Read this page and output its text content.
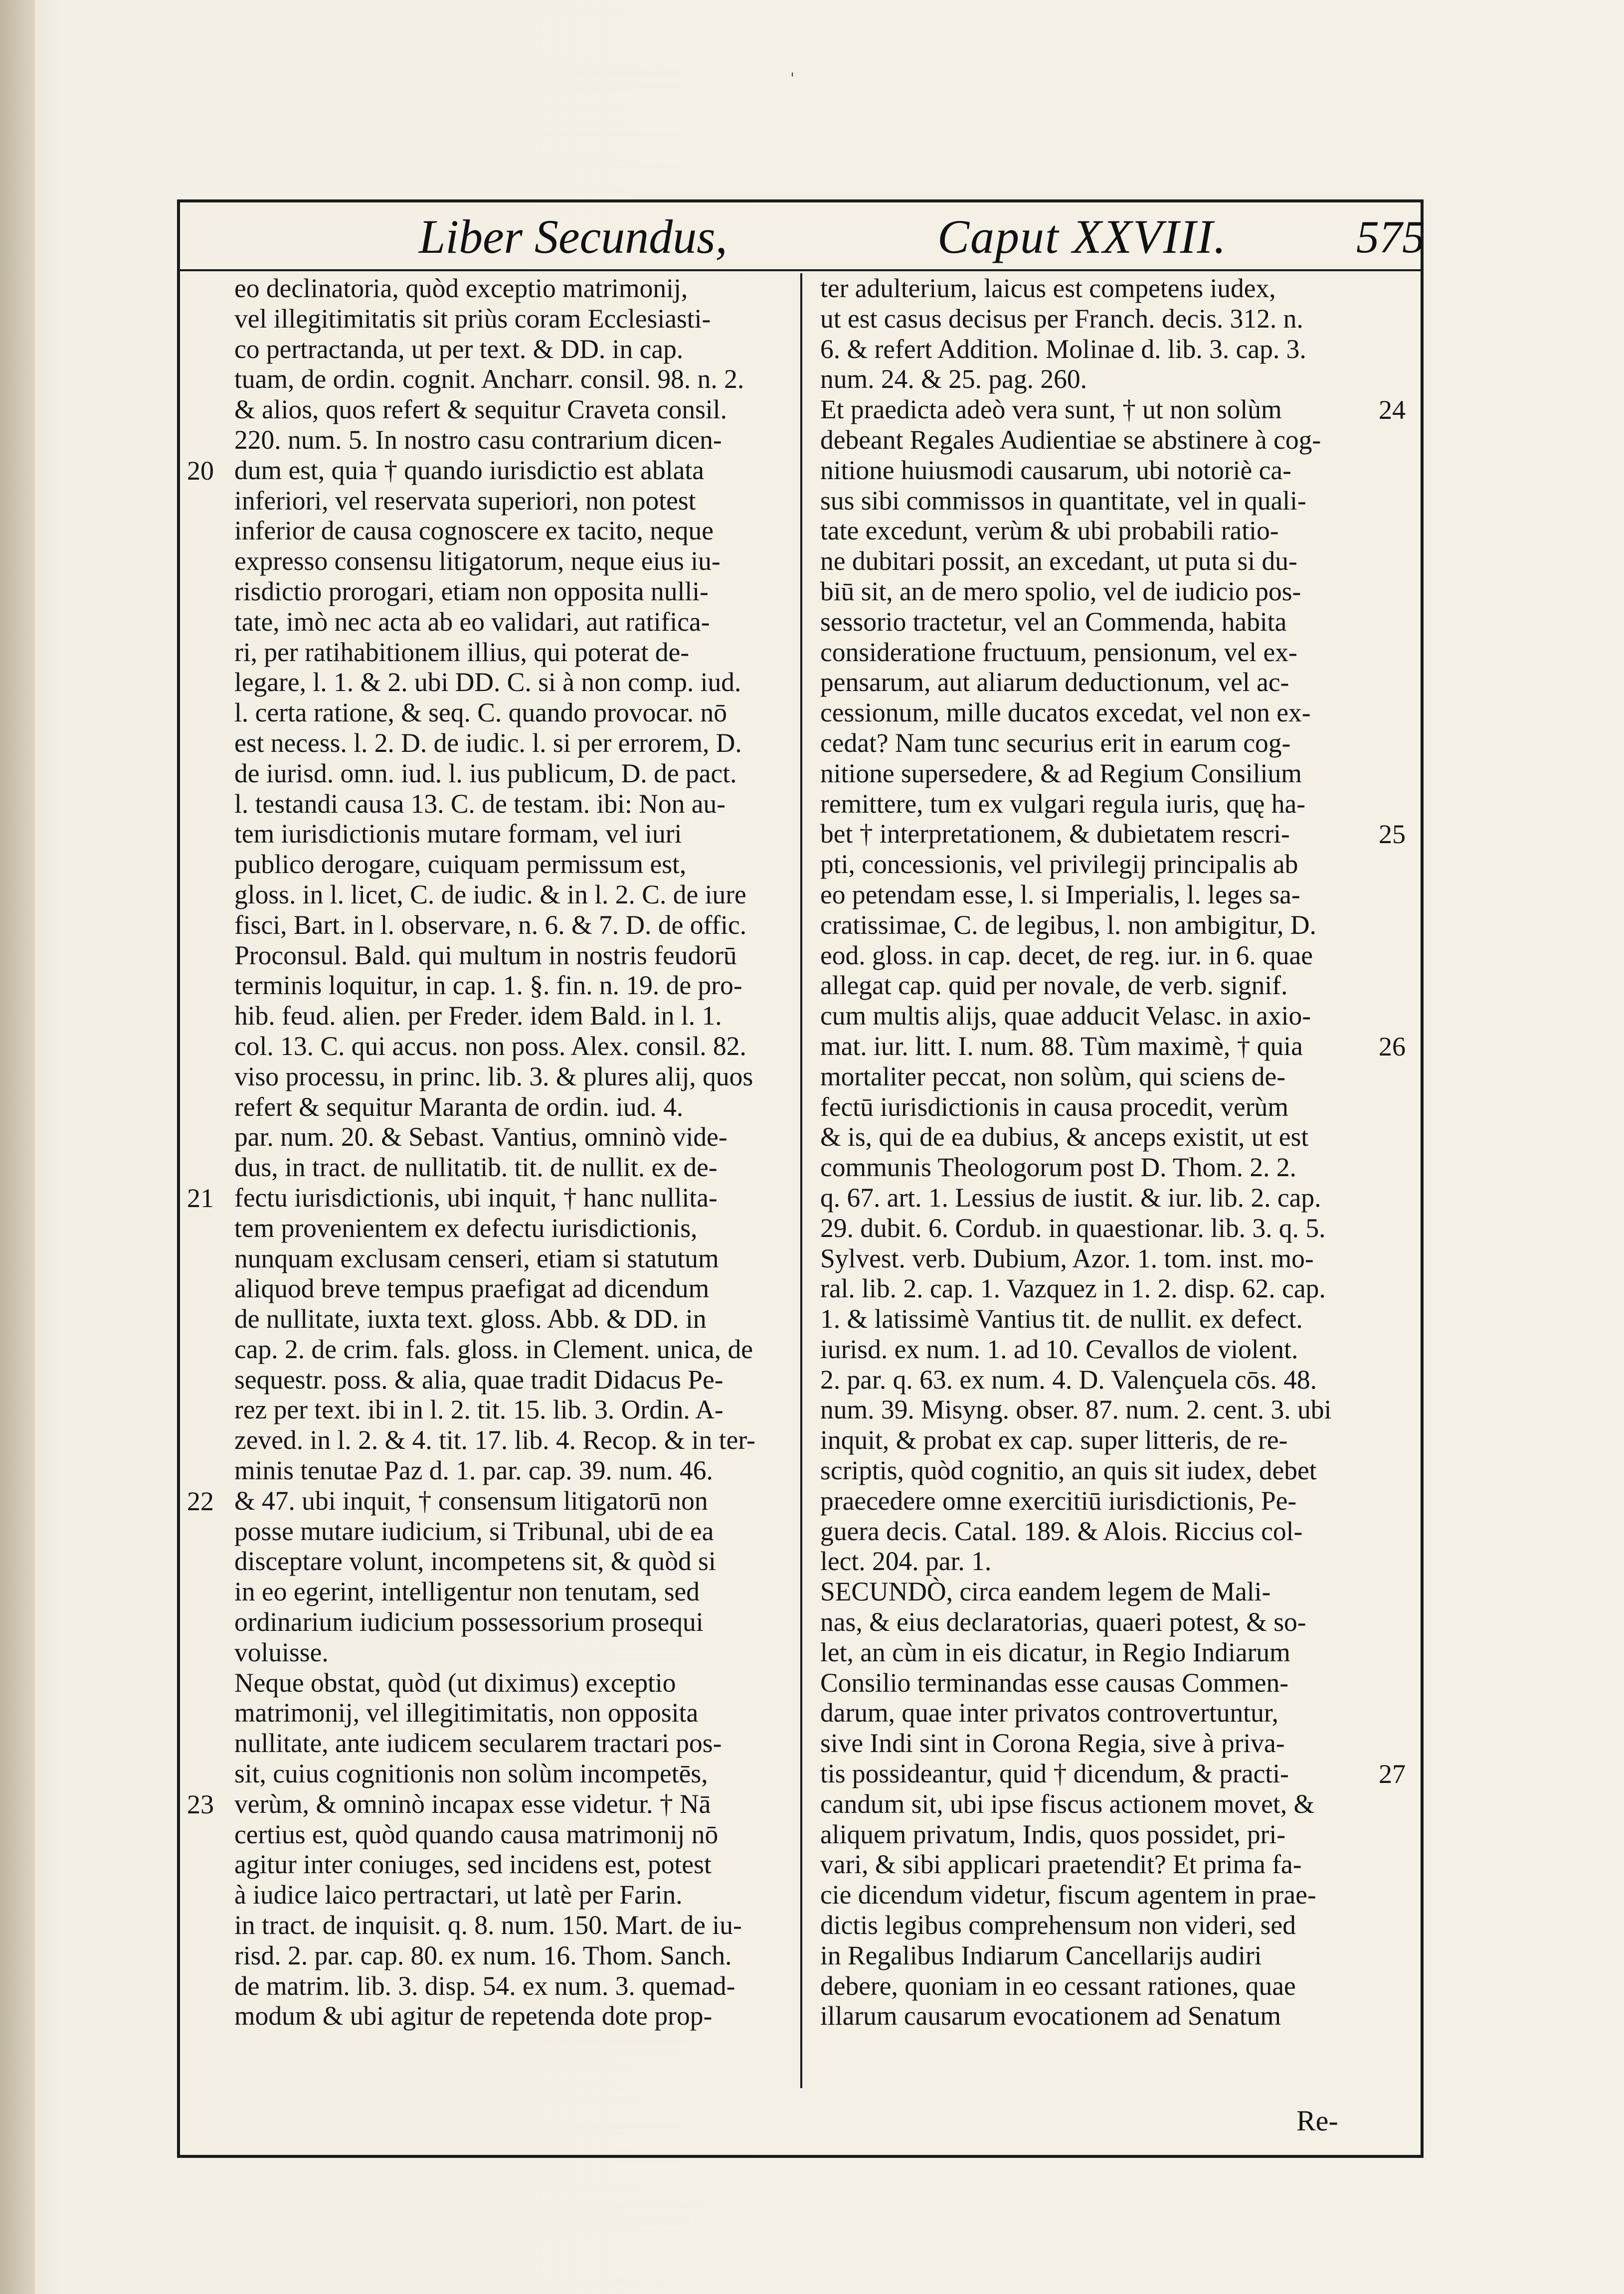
'
Liber Secundus,	Caput XXVIII.	575

eo declinatoria, quòd exceptio matrimonij,

vel illegitimitatis sit priùs coram Ecclesiasti-

co pertractanda, ut per text. & DD. in cap.

tuam, de ordin. cognit. Ancharr. consil. 98. n. 2.

& alios, quos refert & sequitur Craveta consil.

220. num. 5. In nostro casu contrarium dicen-

dum est, quia † quando iurisdictio est ablata

inferiori, vel reservata superiori, non potest

inferior de causa cognoscere ex tacito, neque

expresso consensu litigatorum, neque eius iu-

risdictio prorogari, etiam non opposita nulli-

tate, imò nec acta ab eo validari, aut ratifica-

ri, per ratihabitionem illius, qui poterat de-

legare, l. 1. & 2. ubi DD. C. si à non comp. iud.

l. certa ratione, & seq. C. quando provocar. nō

est necess. l. 2. D. de iudic. l. si per errorem, D.

de iurisd. omn. iud. l. ius publicum, D. de pact.

l. testandi causa 13. C. de testam. ibi: Non au-

tem iurisdictionis mutare formam, vel iuri

publico derogare, cuiquam permissum est,

gloss. in l. licet, C. de iudic. & in l. 2. C. de iure

fisci, Bart. in l. observare, n. 6. & 7. D. de offic.

Proconsul. Bald. qui multum in nostris feudorū

terminis loquitur, in cap. 1. §. fin. n. 19. de pro-

hib. feud. alien. per Freder. idem Bald. in l. 1.

col. 13. C. qui accus. non poss. Alex. consil. 82.

viso processu, in princ. lib. 3. & plures alij, quos

refert & sequitur Maranta de ordin. iud. 4.

par. num. 20. & Sebast. Vantius, omninò vide-

dus, in tract. de nullitatib. tit. de nullit. ex de-

fectu iurisdictionis, ubi inquit, † hanc nullita-

tem provenientem ex defectu iurisdictionis,

nunquam exclusam censeri, etiam si statutum

aliquod breve tempus praefigat ad dicendum

de nullitate, iuxta text. gloss. Abb. & DD. in

cap. 2. de crim. fals. gloss. in Clement. unica, de

sequestr. poss. & alia, quae tradit Didacus Pe-

rez per text. ibi in l. 2. tit. 15. lib. 3. Ordin. A-

zeved. in l. 2. & 4. tit. 17. lib. 4. Recop. & in ter-

minis tenutae Paz d. 1. par. cap. 39. num. 46.

& 47. ubi inquit, † consensum litigatorū non

posse mutare iudicium, si Tribunal, ubi de ea

disceptare volunt, incompetens sit, & quòd si

in eo egerint, intelligentur non tenutam, sed

ordinarium iudicium possessorium prosequi

voluisse.

Neque obstat, quòd (ut diximus) exceptio

matrimonij, vel illegitimitatis, non opposita

nullitate, ante iudicem secularem tractari pos-

sit, cuius cognitionis non solùm incompetēs,

verùm, & omninò incapax esse videtur. † Nā

certius est, quòd quando causa matrimonij nō

agitur inter coniuges, sed incidens est, potest

à iudice laico pertractari, ut latè per Farin.

in tract. de inquisit. q. 8. num. 150. Mart. de iu-

risd. 2. par. cap. 80. ex num. 16. Thom. Sanch.

de matrim. lib. 3. disp. 54. ex num. 3. quemad-

modum & ubi agitur de repetenda dote prop-

ter adulterium, laicus est competens iudex,

ut est casus decisus per Franch. decis. 312. n.

6. & refert Addition. Molinae d. lib. 3. cap. 3.

num. 24. & 25. pag. 260.

Et praedicta adeò vera sunt, † ut non solùm

debeant Regales Audientiae se abstinere à cog-

nitione huiusmodi causarum, ubi notoriè ca-

sus sibi commissos in quantitate, vel in quali-

tate excedunt, verùm & ubi probabili ratio-

ne dubitari possit, an excedant, ut puta si du-

biū sit, an de mero spolio, vel de iudicio pos-

sessorio tractetur, vel an Commenda, habita

consideratione fructuum, pensionum, vel ex-

pensarum, aut aliarum deductionum, vel ac-

cessionum, mille ducatos excedat, vel non ex-

cedat? Nam tunc securius erit in earum cog-

nitione supersedere, & ad Regium Consilium

remittere, tum ex vulgari regula iuris, quę ha-

bet † interpretationem, & dubietatem rescri-

pti, concessionis, vel privilegij principalis ab

eo petendam esse, l. si Imperialis, l. leges sa-

cratissimae, C. de legibus, l. non ambigitur, D.

eod. gloss. in cap. decet, de reg. iur. in 6. quae

allegat cap. quid per novale, de verb. signif.

cum multis alijs, quae adducit Velasc. in axio-

mat. iur. litt. I. num. 88. Tùm maximè, † quia

mortaliter peccat, non solùm, qui sciens de-

fectū iurisdictionis in causa procedit, verùm

& is, qui de ea dubius, & anceps existit, ut est

communis Theologorum post D. Thom. 2. 2.

q. 67. art. 1. Lessius de iustit. & iur. lib. 2. cap.

29. dubit. 6. Cordub. in quaestionar. lib. 3. q. 5.

Sylvest. verb. Dubium, Azor. 1. tom. inst. mo-

ral. lib. 2. cap. 1. Vazquez in 1. 2. disp. 62. cap.

1. & latissimè Vantius tit. de nullit. ex defect.

iurisd. ex num. 1. ad 10. Cevallos de violent.

2. par. q. 63. ex num. 4. D. Valençuela cōs. 48.

num. 39. Misyng. obser. 87. num. 2. cent. 3. ubi

inquit, & probat ex cap. super litteris, de re-

scriptis, quòd cognitio, an quis sit iudex, debet

praecedere omne exercitiū iurisdictionis, Pe-

guera decis. Catal. 189. & Alois. Riccius col-

lect. 204. par. 1.

SECUNDÒ, circa eandem legem de Mali-

nas, & eius declaratorias, quaeri potest, & so-

let, an cùm in eis dicatur, in Regio Indiarum

Consilio terminandas esse causas Commen-

darum, quae inter privatos controvertuntur,

sive Indi sint in Corona Regia, sive à priva-

tis possideantur, quid † dicendum, & practi-

candum sit, ubi ipse fiscus actionem movet, &

aliquem privatum, Indis, quos possidet, pri-

vari, & sibi applicari praetendit? Et prima fa-

cie dicendum videtur, fiscum agentem in prae-

dictis legibus comprehensum non videri, sed

in Regalibus Indiarum Cancellarijs audiri

debere, quoniam in eo cessant rationes, quae

illarum causarum evocationem ad Senatum

20
21
22
23
24
25
26
27
Re-
